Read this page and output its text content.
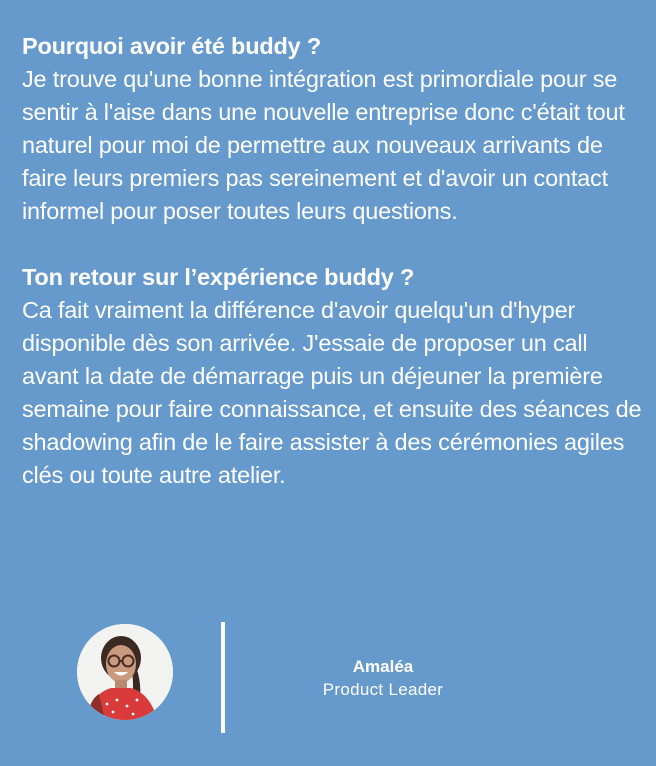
Pourquoi avoir été buddy ?
Je trouve qu'une bonne intégration est primordiale pour se sentir à l'aise dans une nouvelle entreprise donc c'était tout naturel pour moi de permettre aux nouveaux arrivants de faire leurs premiers pas sereinement et d'avoir un contact informel pour poser toutes leurs questions.
Ton retour sur l’expérience buddy ?
Ca fait vraiment la différence d'avoir quelqu'un d'hyper disponible dès son arrivée. J'essaie de proposer un call avant la date de démarrage puis un déjeuner la première semaine pour faire connaissance, et ensuite des séances de shadowing afin de le faire assister à des cérémonies agiles clés ou toute autre atelier.
Amaléa
Product Leader
